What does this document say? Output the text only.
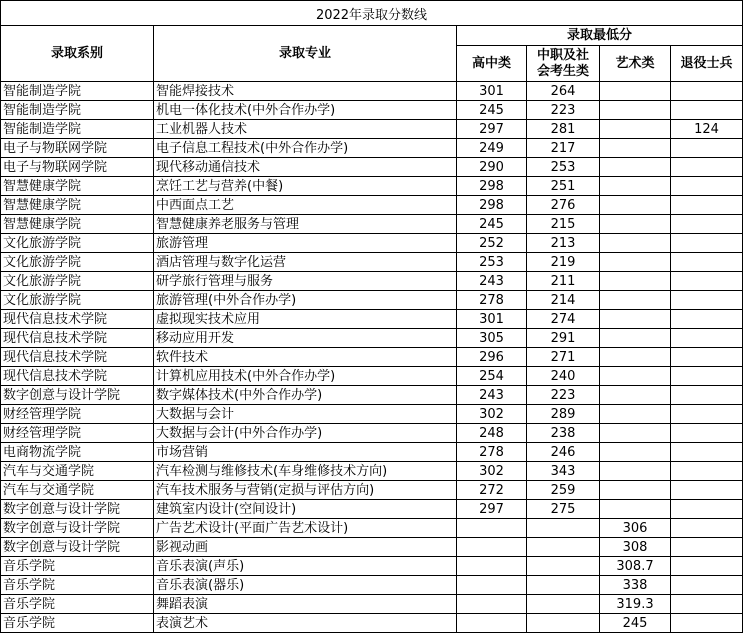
2022年录取分数线					
录取系别	录取专业	录取最低分			
		高中类	中职及社会考生类	艺术类	退役士兵
智能制造学院	智能焊接技术	301	264		
智能制造学院	机电一体化技术(中外合作办学)	245	223		
智能制造学院	工业机器人技术	297	281		124
电子与物联网学院	电子信息工程技术(中外合作办学)	249	217		
电子与物联网学院	现代移动通信技术	290	253		
智慧健康学院	烹饪工艺与营养(中餐)	298	251		
智慧健康学院	中西面点工艺	298	276		
智慧健康学院	智慧健康养老服务与管理	245	215		
文化旅游学院	旅游管理	252	213		
文化旅游学院	酒店管理与数字化运营	253	219		
文化旅游学院	研学旅行管理与服务	243	211		
文化旅游学院	旅游管理(中外合作办学)	278	214		
现代信息技术学院	虚拟现实技术应用	301	274		
现代信息技术学院	移动应用开发	305	291		
现代信息技术学院	软件技术	296	271		
现代信息技术学院	计算机应用技术(中外合作办学)	254	240		
数字创意与设计学院	数字媒体技术(中外合作办学)	243	223		
财经管理学院	大数据与会计	302	289		
财经管理学院	大数据与会计(中外合作办学)	248	238		
电商物流学院	市场营销	278	246		
汽车与交通学院	汽车检测与维修技术(车身维修技术方向)	302	343		
汽车与交通学院	汽车技术服务与营销(定损与评估方向)	272	259		
数字创意与设计学院	建筑室内设计(空间设计)	297	275		
数字创意与设计学院	广告艺术设计(平面广告艺术设计)			306	
数字创意与设计学院	影视动画			308	
音乐学院	音乐表演(声乐)			308.7	
音乐学院	音乐表演(器乐)			338	
音乐学院	舞蹈表演			319.3	
音乐学院	表演艺术			245	
